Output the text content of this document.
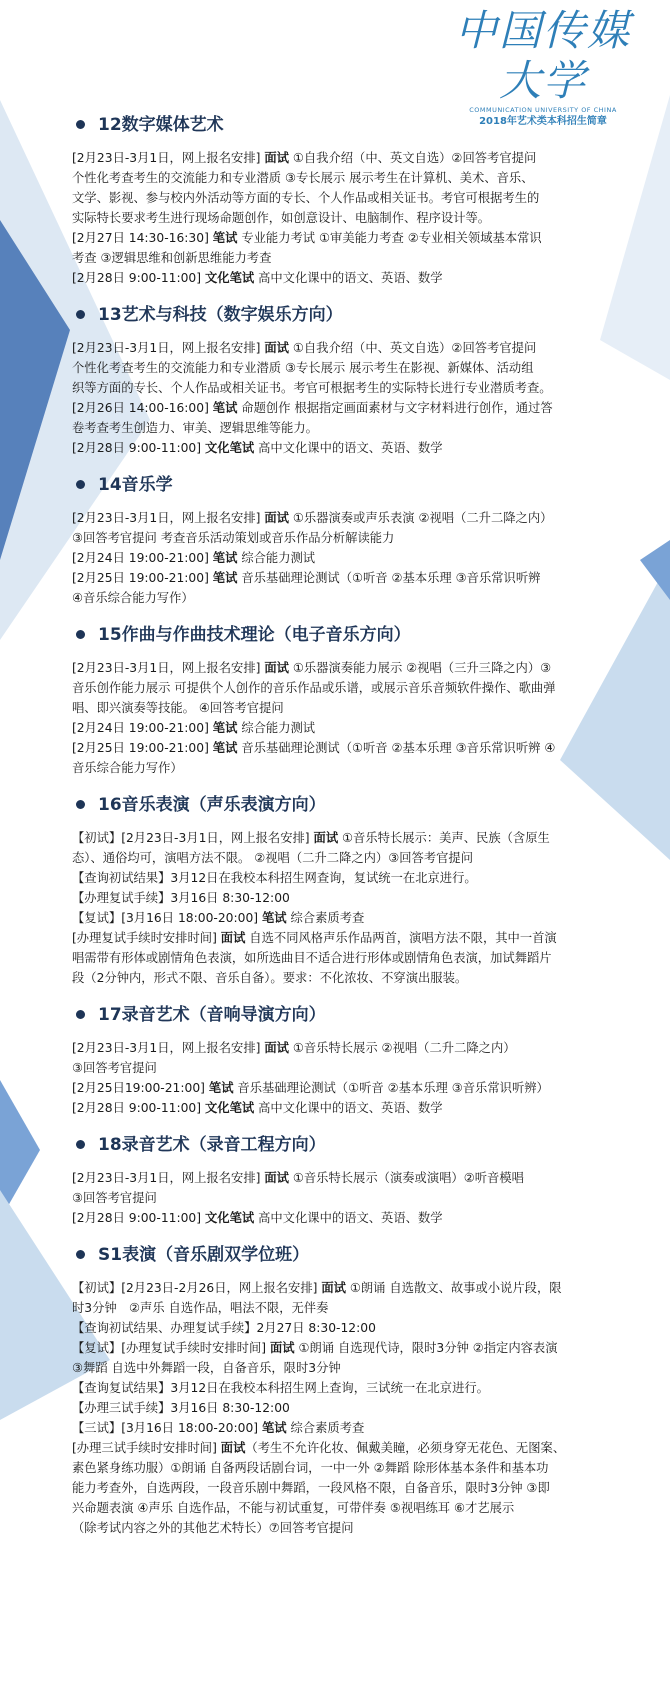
中国传媒大学
COMMUNICATION UNIVERSITY OF CHINA
2018年艺术类本科招生简章
12数字媒体艺术
[2月23日-3月1日，网上报名安排] 面试 ①自我介绍（中、英文自选）②回答考官提问
个性化考查考生的交流能力和专业潜质 ③专长展示 展示考生在计算机、美术、音乐、
文学、影视、参与校内外活动等方面的专长、个人作品或相关证书。考官可根据考生的
实际特长要求考生进行现场命题创作，如创意设计、电脑制作、程序设计等。
[2月27日 14:30-16:30] 笔试 专业能力考试 ①审美能力考查 ②专业相关领域基本常识
考查 ③逻辑思维和创新思维能力考查
[2月28日 9:00-11:00] 文化笔试 高中文化课中的语文、英语、数学
13艺术与科技（数字娱乐方向）
[2月23日-3月1日，网上报名安排] 面试 ①自我介绍（中、英文自选）②回答考官提问
个性化考查考生的交流能力和专业潜质 ③专长展示 展示考生在影视、新媒体、活动组
织等方面的专长、个人作品或相关证书。考官可根据考生的实际特长进行专业潜质考查。
[2月26日 14:00-16:00] 笔试 命题创作 根据指定画面素材与文字材料进行创作，通过答
卷考查考生创造力、审美、逻辑思维等能力。
[2月28日 9:00-11:00] 文化笔试 高中文化课中的语文、英语、数学
14音乐学
[2月23日-3月1日，网上报名安排] 面试 ①乐器演奏或声乐表演 ②视唱（二升二降之内）
③回答考官提问 考查音乐活动策划或音乐作品分析解读能力
[2月24日 19:00-21:00] 笔试 综合能力测试
[2月25日 19:00-21:00] 笔试 音乐基础理论测试（①听音 ②基本乐理 ③音乐常识听辨
④音乐综合能力写作）
15作曲与作曲技术理论（电子音乐方向）
[2月23日-3月1日，网上报名安排] 面试 ①乐器演奏能力展示 ②视唱（三升三降之内）③
音乐创作能力展示 可提供个人创作的音乐作品或乐谱，或展示音乐音频软件操作、歌曲弹
唱、即兴演奏等技能。 ④回答考官提问
[2月24日 19:00-21:00] 笔试 综合能力测试
[2月25日 19:00-21:00] 笔试 音乐基础理论测试（①听音 ②基本乐理 ③音乐常识听辨 ④
音乐综合能力写作）
16音乐表演（声乐表演方向）
【初试】[2月23日-3月1日，网上报名安排] 面试 ①音乐特长展示：美声、民族（含原生
态）、通俗均可，演唱方法不限。 ②视唱（二升二降之内）③回答考官提问
【查询初试结果】3月12日在我校本科招生网查询，复试统一在北京进行。
【办理复试手续】3月16日 8:30-12:00
【复试】[3月16日 18:00-20:00] 笔试 综合素质考查
[办理复试手续时安排时间] 面试 自选不同风格声乐作品两首，演唱方法不限，其中一首演
唱需带有形体或剧情角色表演，如所选曲目不适合进行形体或剧情角色表演，加试舞蹈片
段（2分钟内，形式不限、音乐自备）。要求：不化浓妆、不穿演出服装。
17录音艺术（音响导演方向）
[2月23日-3月1日，网上报名安排] 面试 ①音乐特长展示 ②视唱（二升二降之内）
③回答考官提问
[2月25日19:00-21:00] 笔试 音乐基础理论测试（①听音 ②基本乐理 ③音乐常识听辨）
[2月28日 9:00-11:00] 文化笔试 高中文化课中的语文、英语、数学
18录音艺术（录音工程方向）
[2月23日-3月1日，网上报名安排] 面试 ①音乐特长展示（演奏或演唱）②听音模唱
③回答考官提问
[2月28日 9:00-11:00] 文化笔试 高中文化课中的语文、英语、数学
S1表演（音乐剧双学位班）
【初试】[2月23日-2月26日，网上报名安排] 面试 ①朗诵 自选散文、故事或小说片段，限
时3分钟　②声乐 自选作品，唱法不限，无伴奏
【查询初试结果、办理复试手续】2月27日 8:30-12:00
【复试】[办理复试手续时安排时间] 面试 ①朗诵 自选现代诗，限时3分钟 ②指定内容表演
③舞蹈 自选中外舞蹈一段，自备音乐，限时3分钟
【查询复试结果】3月12日在我校本科招生网上查询，三试统一在北京进行。
【办理三试手续】3月16日 8:30-12:00
【三试】[3月16日 18:00-20:00] 笔试 综合素质考查
[办理三试手续时安排时间] 面试（考生不允许化妆、佩戴美瞳，必须身穿无花色、无图案、
素色紧身练功服）①朗诵 自备两段话剧台词，一中一外 ②舞蹈 除形体基本条件和基本功
能力考查外，自选两段，一段音乐剧中舞蹈，一段风格不限，自备音乐，限时3分钟 ③即
兴命题表演 ④声乐 自选作品，不能与初试重复，可带伴奏 ⑤视唱练耳 ⑥才艺展示
（除考试内容之外的其他艺术特长）⑦回答考官提问
